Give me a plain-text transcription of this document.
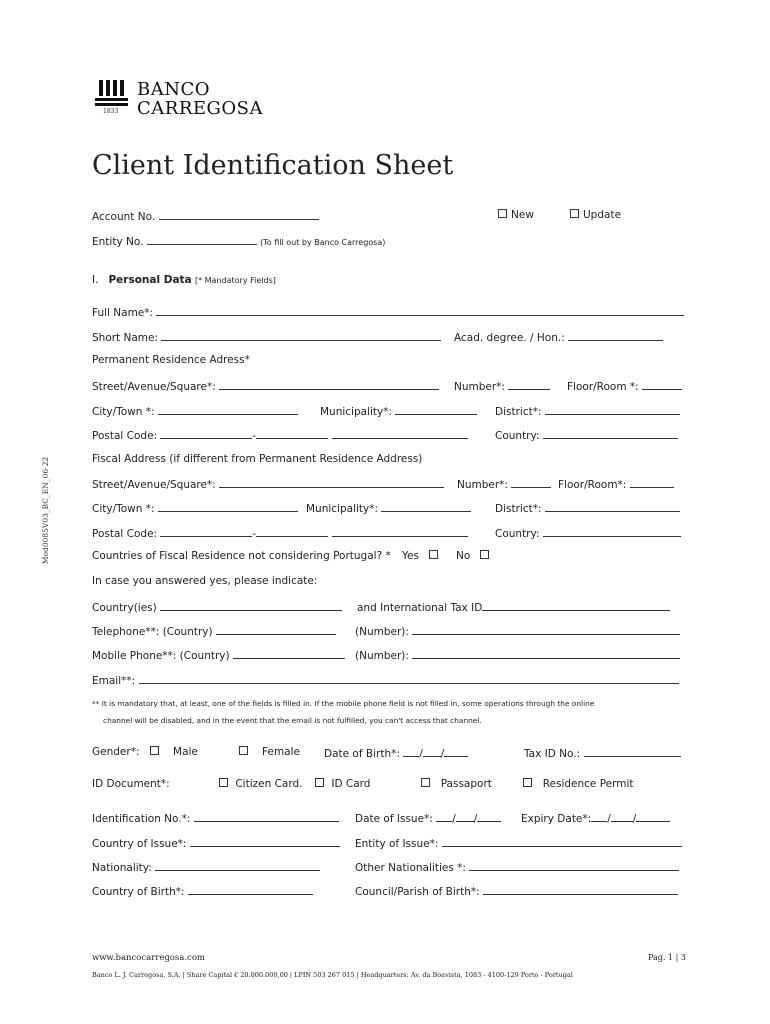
1833
BANCO
CARREGOSA
Client Identification Sheet
Mod0085V03_BC_EN_06-22
Account No.	New	Update
Entity No.	(To fill out by Banco Carregosa)
I. Personal Data [* Mandatory Fields]
Full Name*:
Short Name:	Acad. degree. / Hon.:
Permanent Residence Adress*
Street/Avenue/Square*:	Number*:	Floor/Room *:
City/Town *:	Municipality*:	District*:
Postal Code:	-	Country:
Fiscal Address (if different from Permanent Residence Address)
Street/Avenue/Square*:	Number*:	Floor/Room*:
City/Town *:	Municipality*:	District*:
Postal Code:	-	Country:
Countries of Fiscal Residence not considering Portugal? * Yes	No
In case you answered yes, please indicate:
Country(ies)	and International Tax ID
Telephone**: (Country)	(Number):
Mobile Phone**: (Country)	(Number):
Email**:
** It is mandatory that, at least, one of the fields is filled in. If the mobile phone field is not filled in, some operations through the online
channel will be disabled, and in the event that the email is not fulfilled, you can't access that channel.
Gender*:	Male	Female Date of Birth*: / /	Tax ID No.:
ID Document*:	Citizen Card.	ID Card	Passaport	Residence Permit
Identification No.*:	Date of Issue*: / /	Expiry Date*: / /
Country of Issue*:	Entity of Issue*:
Nationality:	Other Nationalities *:
Country of Birth*:	Council/Parish of Birth*:
www.bancocarregosa.com	Pag. 1 | 3
Banco L. J. Carregosa, S.A. | Share Capital € 20.000.000,00 | LPIN 503 267 015 | Headquarters: Av. da Boavista, 1083 - 4100-129 Porto - Portugal
